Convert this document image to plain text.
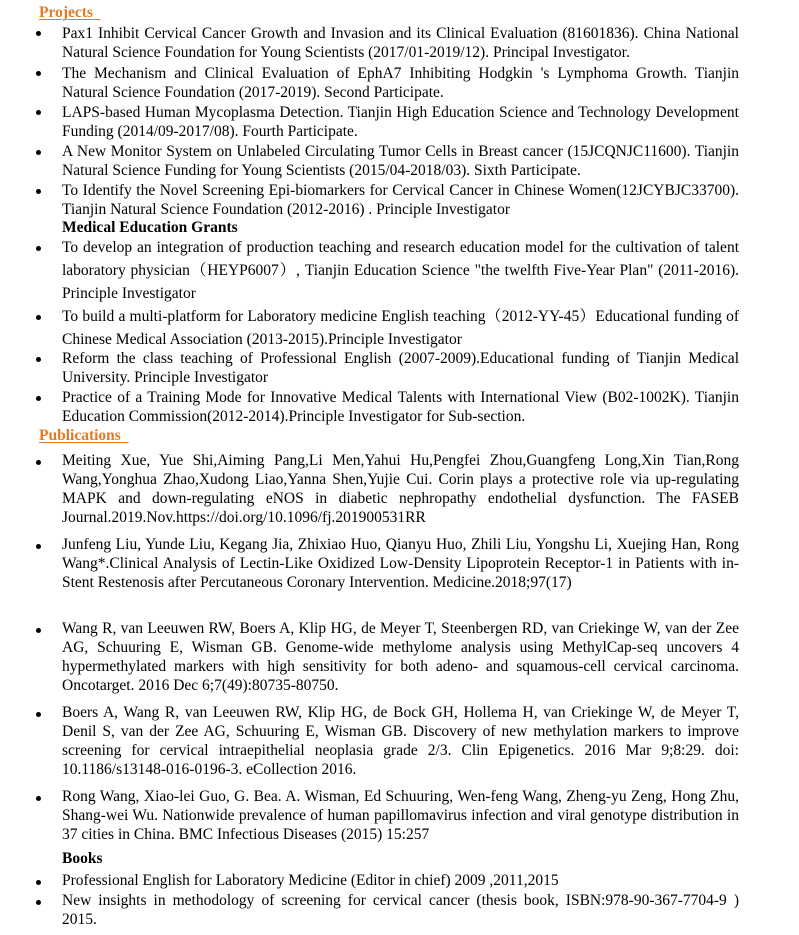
Projects
Pax1 Inhibit Cervical Cancer Growth and Invasion and its Clinical Evaluation (81601836). China National Natural Science Foundation for Young Scientists (2017/01-2019/12). Principal Investigator.
The Mechanism and Clinical Evaluation of EphA7 Inhibiting Hodgkin 's Lymphoma Growth. Tianjin Natural Science Foundation (2017-2019). Second Participate.
LAPS-based Human Mycoplasma Detection. Tianjin High Education Science and Technology Development Funding (2014/09-2017/08). Fourth Participate.
A New Monitor System on Unlabeled Circulating Tumor Cells in Breast cancer (15JCQNJC11600). Tianjin Natural Science Funding for Young Scientists (2015/04-2018/03). Sixth Participate.
To Identify the Novel Screening Epi-biomarkers for Cervical Cancer in Chinese Women(12JCYBJC33700). Tianjin Natural Science Foundation (2012-2016) . Principle Investigator
Medical Education Grants
To develop an integration of production teaching and research education model for the cultivation of talent laboratory physician（HEYP6007）, Tianjin Education Science "the twelfth Five-Year Plan" (2011-2016). Principle Investigator
To build a multi-platform for Laboratory medicine English teaching（2012-YY-45）Educational funding of Chinese Medical Association (2013-2015).Principle Investigator
Reform the class teaching of Professional English (2007-2009).Educational funding of Tianjin Medical University. Principle Investigator
Practice of a Training Mode for Innovative Medical Talents with International View (B02-1002K). Tianjin Education Commission(2012-2014).Principle Investigator for Sub-section.
Publications
Meiting Xue, Yue Shi,Aiming Pang,Li Men,Yahui Hu,Pengfei Zhou,Guangfeng Long,Xin Tian,Rong Wang,Yonghua Zhao,Xudong Liao,Yanna Shen,Yujie Cui. Corin plays a protective role via up-regulating MAPK and down-regulating eNOS in diabetic nephropathy endothelial dysfunction. The FASEB Journal.2019.Nov.https://doi.org/10.1096/fj.201900531RR
Junfeng Liu, Yunde Liu, Kegang Jia, Zhixiao Huo, Qianyu Huo, Zhili Liu, Yongshu Li, Xuejing Han, Rong Wang*.Clinical Analysis of Lectin-Like Oxidized Low-Density Lipoprotein Receptor-1 in Patients with in-Stent Restenosis after Percutaneous Coronary Intervention. Medicine.2018;97(17)
Wang R, van Leeuwen RW, Boers A, Klip HG, de Meyer T, Steenbergen RD, van Criekinge W, van der Zee AG, Schuuring E, Wisman GB. Genome-wide methylome analysis using MethylCap-seq uncovers 4 hypermethylated markers with high sensitivity for both adeno- and squamous-cell cervical carcinoma. Oncotarget. 2016 Dec 6;7(49):80735-80750.
Boers A, Wang R, van Leeuwen RW, Klip HG, de Bock GH, Hollema H, van Criekinge W, de Meyer T, Denil S, van der Zee AG, Schuuring E, Wisman GB. Discovery of new methylation markers to improve screening for cervical intraepithelial neoplasia grade 2/3. Clin Epigenetics. 2016 Mar 9;8:29. doi: 10.1186/s13148-016-0196-3. eCollection 2016.
Rong Wang, Xiao-lei Guo, G. Bea. A. Wisman, Ed Schuuring, Wen-feng Wang, Zheng-yu Zeng, Hong Zhu, Shang-wei Wu. Nationwide prevalence of human papillomavirus infection and viral genotype distribution in 37 cities in China. BMC Infectious Diseases (2015) 15:257
Books
Professional English for Laboratory Medicine (Editor in chief) 2009 ,2011,2015
New insights in methodology of screening for cervical cancer (thesis book, ISBN:978-90-367-7704-9 ) 2015.
